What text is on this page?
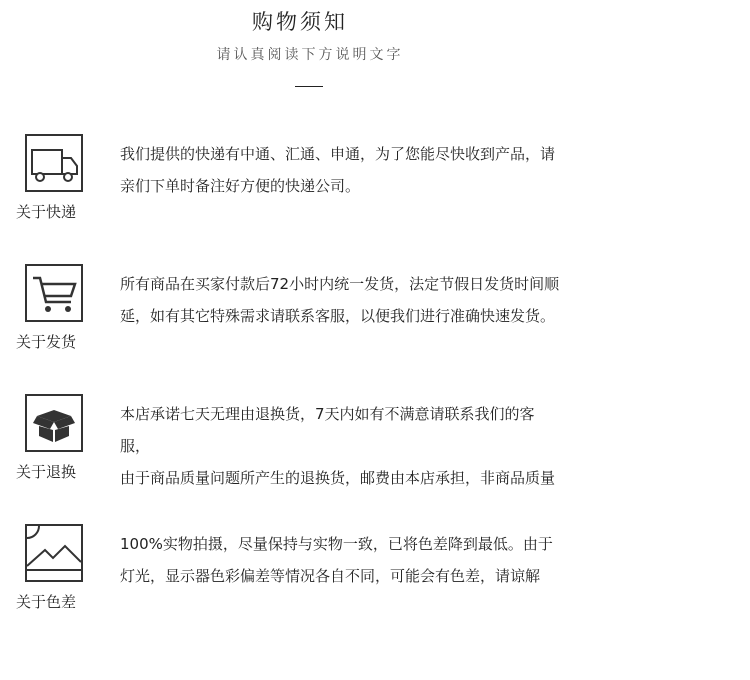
购物须知
请认真阅读下方说明文字
关于快递

我们提供的快递有中通、汇通、申通，为了您能尽快收到产品，请

亲们下单时备注好方便的快递公司。

关于发货

所有商品在买家付款后72小时内统一发货，法定节假日发货时间顺

延，如有其它特殊需求请联系客服，以便我们进行准确快速发货。

关于退换

本店承诺七天无理由退换货，7天内如有不满意请联系我们的客

服，

由于商品质量问题所产生的退换货，邮费由本店承担，非商品质量

关于色差

100%实物拍摄，尽量保持与实物一致，已将色差降到最低。由于

灯光，显示器色彩偏差等情况各自不同，可能会有色差，请谅解
